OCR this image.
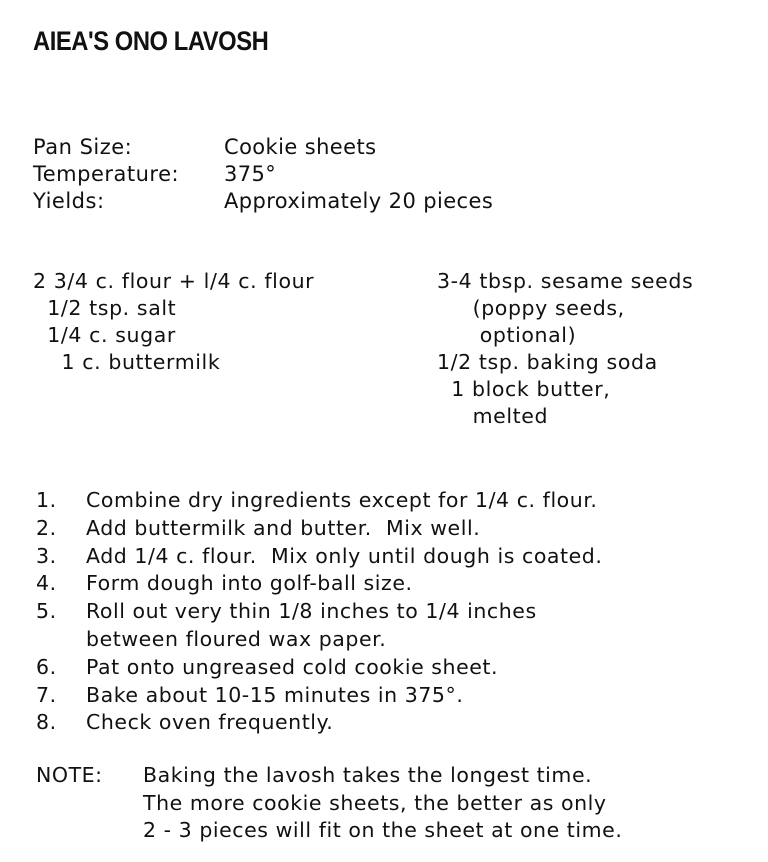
AIEA'S ONO LAVOSH
Pan Size:	Cookie sheets
Temperature:	375°
Yields:	Approximately 20 pieces
2 3/4 c. flour + l/4 c. flour
1/2 tsp. salt
1/4 c. sugar
1 c. buttermilk
3-4 tbsp. sesame seeds

(poppy seeds,

optional)
1/2 tsp. baking soda
1 block butter,

melted
1.	Combine dry ingredients except for 1/4 c. flour.
2.	Add buttermilk and butter.  Mix well.
3.	Add 1/4 c. flour.  Mix only until dough is coated.
4.	Form dough into golf-ball size.
5.	Roll out very thin 1/8 inches to 1/4 inches
between floured wax paper.
6.	Pat onto ungreased cold cookie sheet.
7.	Bake about 10-15 minutes in 375°.
8.	Check oven frequently.
NOTE:	Baking the lavosh takes the longest time.
The more cookie sheets, the better as only
2 - 3 pieces will fit on the sheet at one time.
